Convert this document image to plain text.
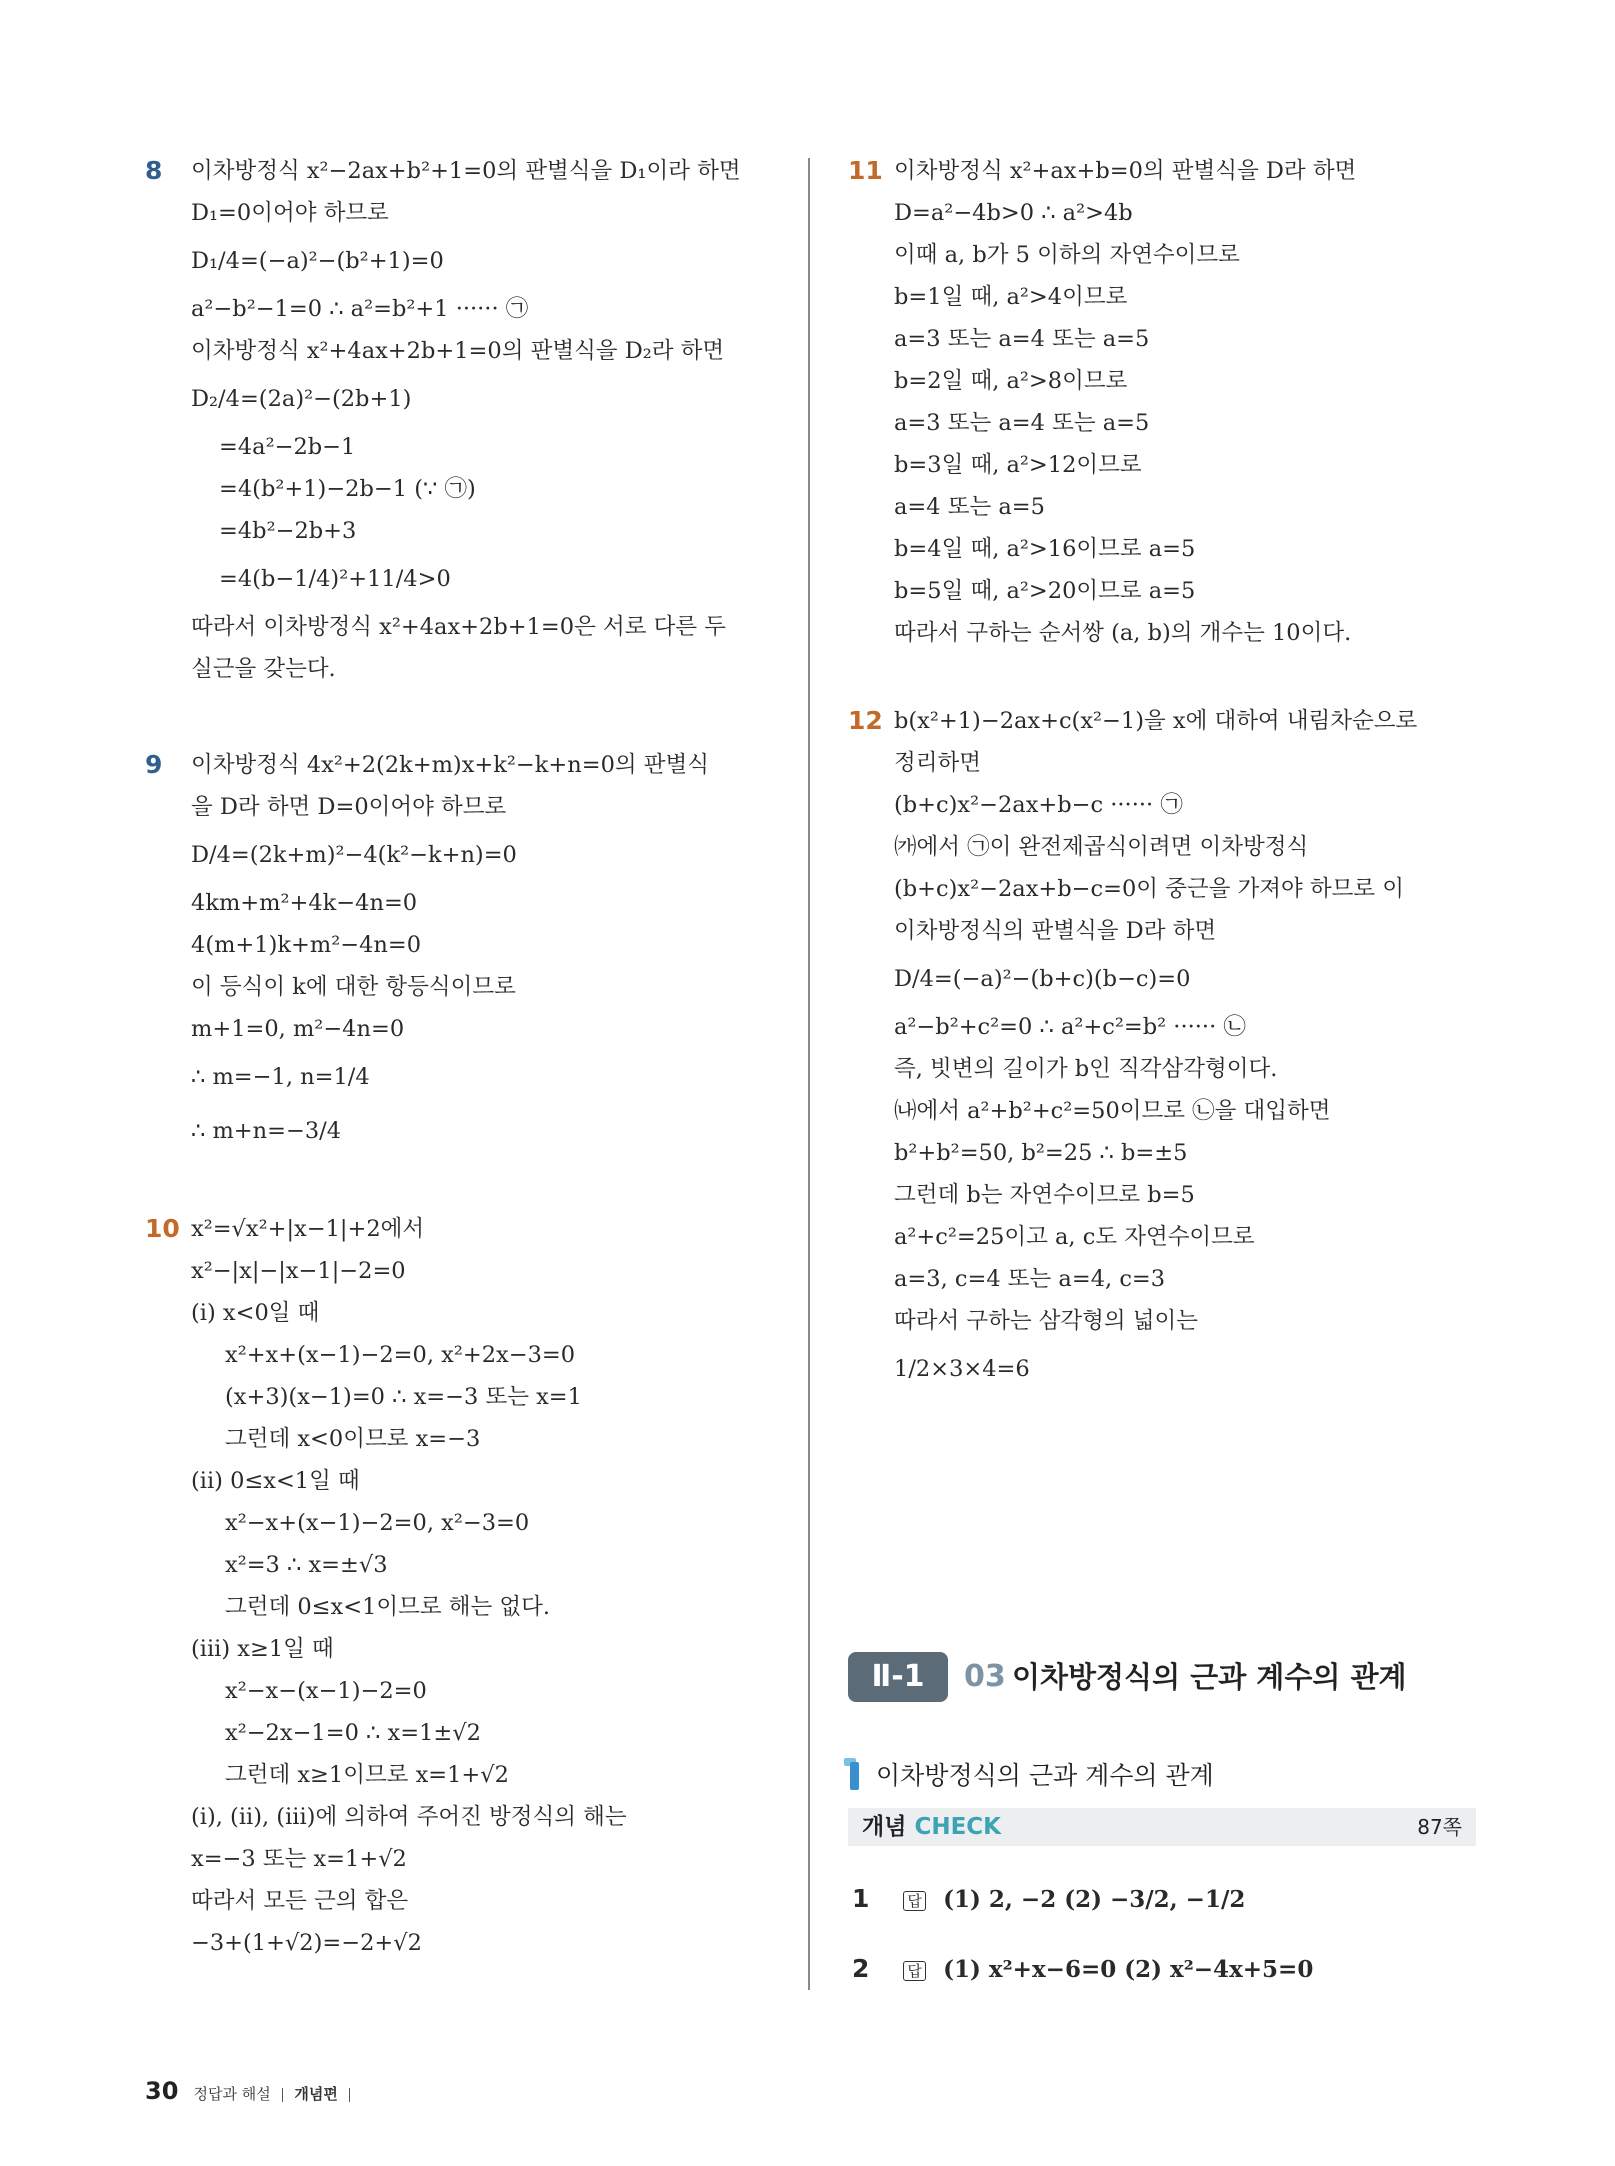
8 이차방정식 x²−2ax+b²+1=0의 판별식을 D₁이라 하면
D₁=0이어야 하므로
D₁/4=(−a)²−(b²+1)=0
a²−b²−1=0 ∴ a²=b²+1 ······ ㉠
이차방정식 x²+4ax+2b+1=0의 판별식을 D₂라 하면
D₂/4=(2a)²−(2b+1)
=4a²−2b−1
=4(b²+1)−2b−1 (∵ ㉠)
=4b²−2b+3
=4(b−1/4)²+11/4>0
따라서 이차방정식 x²+4ax+2b+1=0은 서로 다른 두
실근을 갖는다.
9 이차방정식 4x²+2(2k+m)x+k²−k+n=0의 판별식
을 D라 하면 D=0이어야 하므로
D/4=(2k+m)²−4(k²−k+n)=0
4km+m²+4k−4n=0
4(m+1)k+m²−4n=0
이 등식이 k에 대한 항등식이므로
m+1=0, m²−4n=0
∴ m=−1, n=1/4
∴ m+n=−3/4
10 x²=√x²+|x−1|+2에서
x²−|x|−|x−1|−2=0
(i) x<0일 때
x²+x+(x−1)−2=0, x²+2x−3=0
(x+3)(x−1)=0 ∴ x=−3 또는 x=1
그런데 x<0이므로 x=−3
(ii) 0≤x<1일 때
x²−x+(x−1)−2=0, x²−3=0
x²=3 ∴ x=±√3
그런데 0≤x<1이므로 해는 없다.
(iii) x≥1일 때
x²−x−(x−1)−2=0
x²−2x−1=0 ∴ x=1±√2
그런데 x≥1이므로 x=1+√2
(i), (ii), (iii)에 의하여 주어진 방정식의 해는
x=−3 또는 x=1+√2
따라서 모든 근의 합은
−3+(1+√2)=−2+√2
11 이차방정식 x²+ax+b=0의 판별식을 D라 하면
D=a²−4b>0 ∴ a²>4b
이때 a, b가 5 이하의 자연수이므로
b=1일 때, a²>4이므로
a=3 또는 a=4 또는 a=5
b=2일 때, a²>8이므로
a=3 또는 a=4 또는 a=5
b=3일 때, a²>12이므로
a=4 또는 a=5
b=4일 때, a²>16이므로 a=5
b=5일 때, a²>20이므로 a=5
따라서 구하는 순서쌍 (a, b)의 개수는 10이다.
12 b(x²+1)−2ax+c(x²−1)을 x에 대하여 내림차순으로
정리하면
(b+c)x²−2ax+b−c ······ ㉠
㈎에서 ㉠이 완전제곱식이려면 이차방정식
(b+c)x²−2ax+b−c=0이 중근을 가져야 하므로 이
이차방정식의 판별식을 D라 하면
D/4=(−a)²−(b+c)(b−c)=0
a²−b²+c²=0 ∴ a²+c²=b² ······ ㉡
즉, 빗변의 길이가 b인 직각삼각형이다.
㈏에서 a²+b²+c²=50이므로 ㉡을 대입하면
b²+b²=50, b²=25 ∴ b=±5
그런데 b는 자연수이므로 b=5
a²+c²=25이고 a, c도 자연수이므로
a=3, c=4 또는 a=4, c=3
따라서 구하는 삼각형의 넓이는
1/2×3×4=6
Ⅱ-1	03 이차방정식의 근과 계수의 관계
이차방정식의 근과 계수의 관계
개념 CHECK	87쪽
1	답 (1) 2, −2 (2) −3/2, −1/2
2	답 (1) x²+x−6=0 (2) x²−4x+5=0
30 정답과 해설 개념편
